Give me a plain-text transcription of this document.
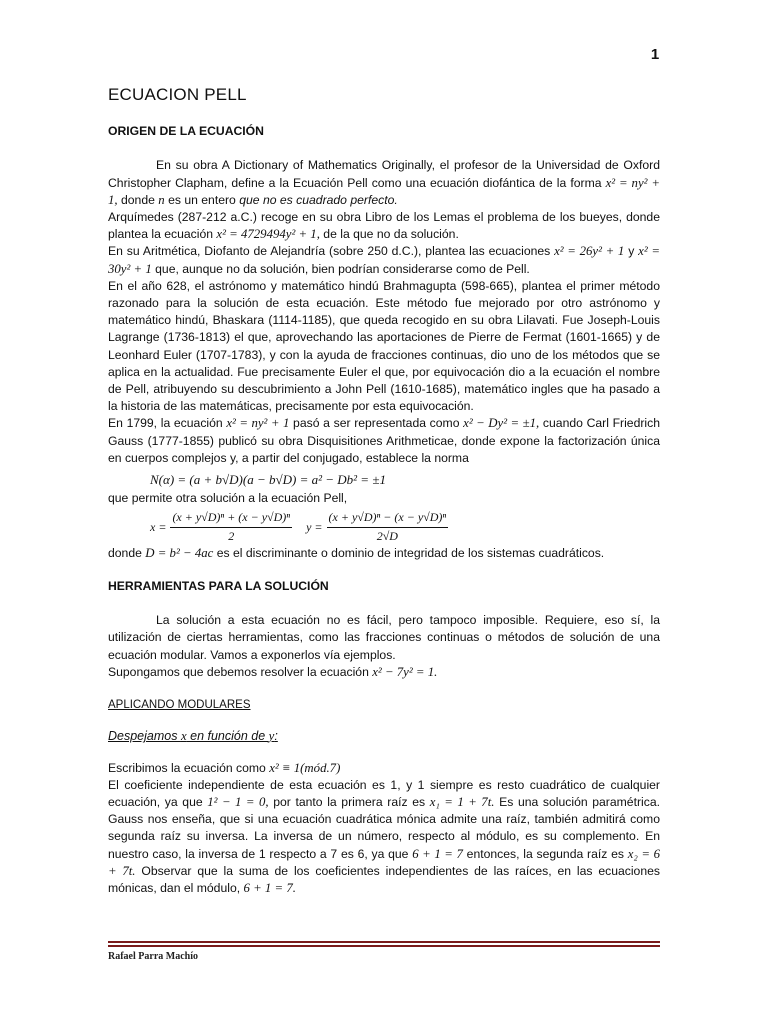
1
ECUACION PELL
ORIGEN DE LA ECUACIÓN

En su obra A Dictionary of Mathematics Originally, el profesor de la Universidad de Oxford Christopher Clapham, define a la Ecuación Pell como una ecuación diofántica de la forma x² = ny² + 1, donde n es un entero que no es cuadrado perfecto.

Arquímedes (287-212 a.C.) recoge en su obra Libro de los Lemas el problema de los bueyes, donde plantea la ecuación x² = 4729494y² + 1, de la que no da solución.

En su Aritmética, Diofanto de Alejandría (sobre 250 d.C.), plantea las ecuaciones x² = 26y² + 1 y x² = 30y² + 1 que, aunque no da solución, bien podrían considerarse como de Pell.

En el año 628, el astrónomo y matemático hindú Brahmagupta (598-665), plantea el primer método razonado para la solución de esta ecuación. Este método fue mejorado por otro astrónomo y matemático hindú, Bhaskara (1114-1185), que queda recogido en su obra Lilavati. Fue Joseph-Louis Lagrange (1736-1813) el que, aprovechando las aportaciones de Pierre de Fermat (1601-1665) y de Leonhard Euler (1707-1783), y con la ayuda de fracciones continuas, dio uno de los métodos que se aplica en la actualidad. Fue precisamente Euler el que, por equivocación dio a la ecuación el nombre de Pell, atribuyendo su descubrimiento a John Pell (1610-1685), matemático ingles que ha pasado a la historia de las matemáticas, precisamente por esta equivocación.

En 1799, la ecuación x² = ny² + 1 pasó a ser representada como x² − Dy² = ±1, cuando Carl Friedrich Gauss (1777-1855) publicó su obra Disquisitiones Arithmeticae, donde expone la factorización única en cuerpos complejos y, a partir del conjugado, establece la norma

N(α) = (a + b√D)(a − b√D) = a² − Db² = ±1

que permite otra solución a la ecuación Pell,

$x = \frac{\text{(x + y√D)ⁿ + (x − y√D)ⁿ}}{2}$ $y = \frac{\text{(x + y√D)ⁿ − (x − y√D)ⁿ}}{2√D}$

donde D = b² − 4ac es el discriminante o dominio de integridad de los sistemas cuadráticos.

HERRAMIENTAS PARA LA SOLUCIÓN

La solución a esta ecuación no es fácil, pero tampoco imposible. Requiere, eso sí, la utilización de ciertas herramientas, como las fracciones continuas o métodos de solución de una ecuación modular. Vamos a exponerlos vía ejemplos.

Supongamos que debemos resolver la ecuación x² − 7y² = 1.

APLICANDO MODULARES
Despejamos x en función de y:

Escribimos la ecuación como x² ≡ 1(mód.7)

El coeficiente independiente de esta ecuación es 1, y 1 siempre es resto cuadrático de cualquier ecuación, ya que 1² − 1 = 0, por tanto la primera raíz es x₁ = 1 + 7t. Es una solución paramétrica. Gauss nos enseña, que si una ecuación cuadrática mónica admite una raíz, también admitirá como segunda raíz su inversa. La inversa de un número, respecto al módulo, es su complemento. En nuestro caso, la inversa de 1 respecto a 7 es 6, ya que 6 + 1 = 7 entonces, la segunda raíz es x₂ = 6 + 7t. Observar que la suma de los coeficientes independientes de las raíces, en las ecuaciones mónicas, dan el módulo, 6 + 1 = 7.

Rafael Parra Machío
